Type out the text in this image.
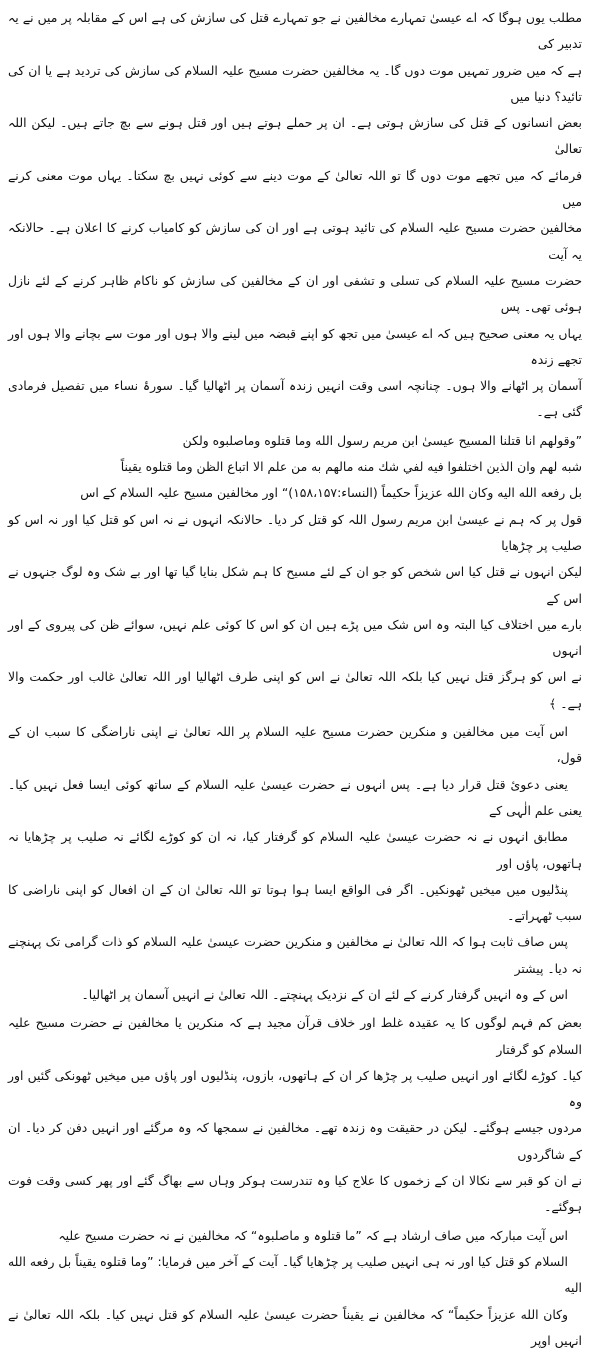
مطلب یوں ہوگا کہ اے عیسیٰ تمہارے مخالفین نے جو تمہارے قتل کی سازش کی ہے اس کے مقابلہ پر میں نے یہ تدبیر کی
ہے کہ میں ضرور تمہیں موت دوں گا۔ یہ مخالفین حضرت مسیح علیہ السلام کی سازش کی تردید ہے یا ان کی تائید؟ دنیا میں
بعض انسانوں کے قتل کی سازش ہوتی ہے۔ ان پر حملے ہوتے ہیں اور قتل ہونے سے بچ جاتے ہیں۔ لیکن اللہ تعالیٰ
فرمائے کہ میں تجھے موت دوں گا تو اللہ تعالیٰ کے موت دینے سے کوئی نہیں بچ سکتا۔ یہاں موت معنی کرنے میں
مخالفین حضرت مسیح علیہ السلام کی تائید ہوتی ہے اور ان کی سازش کو کامیاب کرنے کا اعلان ہے۔ حالانکہ یہ آیت
حضرت مسیح علیہ السلام کی تسلی و تشفی اور ان کے مخالفین کی سازش کو ناکام ظاہر کرنے کے لئے نازل ہوئی تھی۔ پس
یہاں یہ معنی صحیح ہیں کہ اے عیسیٰ میں تجھ کو اپنے قبضہ میں لینے والا ہوں اور موت سے بچانے والا ہوں اور تجھے زندہ
آسمان پر اٹھانے والا ہوں۔ چنانچہ اسی وقت انہیں زندہ آسمان پر اٹھالیا گیا۔ سورۂ نساء میں تفصیل فرمادی گئی ہے۔

”وقولهم انا قتلنا المسيح عيسىٰ ابن مريم رسول الله وما قتلوه وماصلبوه ولكن
شبه لهم وان الذين اختلفوا فيه لفي شك منه مالهم به من علم الا اتباع الظن وما قتلوه يقيناً
بل رفعه الله اليه وكان الله عزيزاً حكيماً (النساء:۱۵۸،۱۵۷)“ اور مخالفین مسیح علیہ السلام کے اس
قول پر کہ ہم نے عیسیٰ ابن مریم رسول اللہ کو قتل کر دیا۔ حالانکہ انہوں نے نہ اس کو قتل کیا اور نہ اس کو صلیب پر چڑھایا
لیکن انہوں نے قتل کیا اس شخص کو جو ان کے لئے مسیح کا ہم شکل بنایا گیا تھا اور بے شک وہ لوگ جنہوں نے اس کے
بارے میں اختلاف کیا البتہ وہ اس شک میں پڑے ہیں ان کو اس کا کوئی علم نہیں، سوائے ظن کی پیروی کے اور انہوں
نے اس کو ہرگز قتل نہیں کیا بلکہ اللہ تعالیٰ نے اس کو اپنی طرف اٹھالیا اور اللہ تعالیٰ غالب اور حکمت والا ہے۔ ﴾

اس آیت میں مخالفین و منکرین حضرت مسیح علیہ السلام پر اللہ تعالیٰ نے اپنی ناراضگی کا سبب ان کے قول،
یعنی دعویٔ قتل قرار دیا ہے۔ پس انہوں نے حضرت عیسیٰ علیہ السلام کے ساتھ کوئی ایسا فعل نہیں کیا۔ یعنی علم الٰہی کے
مطابق انہوں نے نہ حضرت عیسیٰ علیہ السلام کو گرفتار کیا، نہ ان کو کوڑے لگائے نہ صلیب پر چڑھایا نہ ہاتھوں، پاؤں اور
پنڈلیوں میں میخیں ٹھونکیں۔ اگر فی الواقع ایسا ہوا ہوتا تو اللہ تعالیٰ ان کے ان افعال کو اپنی ناراضی کا سبب ٹھہراتے۔
پس صاف ثابت ہوا کہ اللہ تعالیٰ نے مخالفین و منکرین حضرت عیسیٰ علیہ السلام کو ذات گرامی تک پہنچنے نہ دیا۔ پیشتر
اس کے وہ انہیں گرفتار کرنے کے لئے ان کے نزدیک پہنچتے۔ اللہ تعالیٰ نے انہیں آسمان پر اٹھالیا۔

بعض کم فہم لوگوں کا یہ عقیدہ غلط اور خلاف قرآن مجید ہے کہ منکرین یا مخالفین نے حضرت مسیح علیہ السلام کو گرفتار
کیا۔ کوڑے لگائے اور انہیں صلیب پر چڑھا کر ان کے ہاتھوں، بازوں، پنڈلیوں اور پاؤں میں میخیں ٹھونکی گئیں اور وہ
مردوں جیسے ہوگئے۔ لیکن در حقیقت وہ زندہ تھے۔ مخالفین نے سمجھا کہ وہ مرگئے اور انہیں دفن کر دیا۔ ان کے شاگردوں
نے ان کو قبر سے نکالا ان کے زخموں کا علاج کیا وہ تندرست ہوکر وہاں سے بھاگ گئے اور پھر کسی وقت فوت ہوگئے۔

اس آیت مبارکہ میں صاف ارشاد ہے کہ ”ما قتلوہ و ماصلبوہ“ کہ مخالفین نے نہ حضرت مسیح علیہ
السلام کو قتل کیا اور نہ ہی انہیں صلیب پر چڑھایا گیا۔ آیت کے آخر میں فرمایا: ”وما قتلوه يقيناً بل رفعه الله اليه
وكان الله عزيزاً حكيماً“ کہ مخالفین نے یقیناً حضرت عیسیٰ علیہ السلام کو قتل نہیں کیا۔ بلکہ اللہ تعالیٰ نے انہیں اوپر
